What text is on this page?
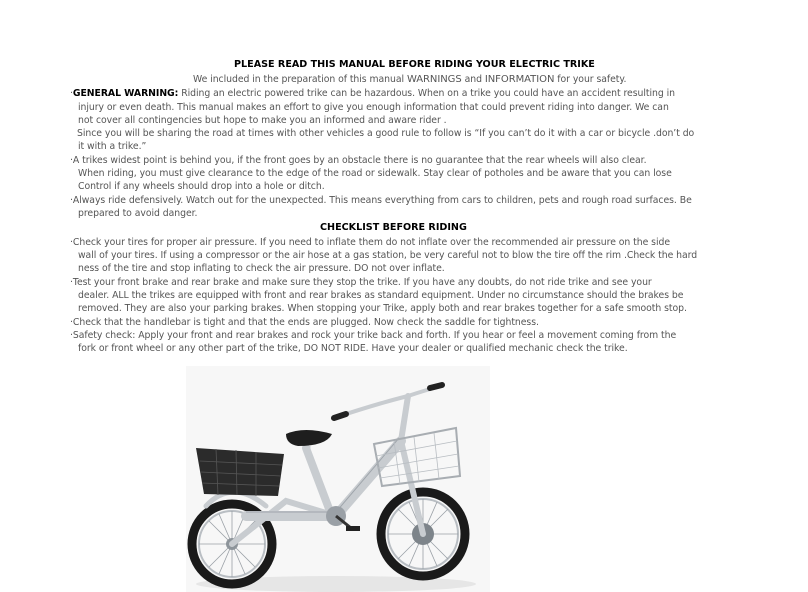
PLEASE READ THIS MANUAL BEFORE RIDING YOUR ELECTRIC TRIKE
We included in the preparation of this manual WARNINGS and INFORMATION for your safety.
·GENERAL WARNING: Riding an electric powered trike can be hazardous. When on a trike you could have an accident resulting in
injury or even death. This manual makes an effort to give you enough information that could prevent riding into danger. We can
not cover all contingencies but hope to make you an informed and aware rider .
Since you will be sharing the road at times with other vehicles a good rule to follow is “If you can’t do it with a car or bicycle .don’t do
it with a trike.”
·A trikes widest point is behind you, if the front goes by an obstacle there is no guarantee that the rear wheels will also clear.
When riding, you must give clearance to the edge of the road or sidewalk. Stay clear of potholes and be aware that you can lose
Control if any wheels should drop into a hole or ditch.
·Always ride defensively. Watch out for the unexpected. This means everything from cars to children, pets and rough road surfaces. Be
prepared to avoid danger.
CHECKLIST BEFORE RIDING
·Check your tires for proper air pressure. If you need to inflate them do not inflate over the recommended air pressure on the side
wall of your tires. If using a compressor or the air hose at a gas station, be very careful not to blow the tire off the rim .Check the hard
ness of the tire and stop inflating to check the air pressure. DO not over inflate.
·Test your front brake and rear brake and make sure they stop the trike. If you have any doubts, do not ride trike and see your
dealer. ALL the trikes are equipped with front and rear brakes as standard equipment. Under no circumstance should the brakes be
removed. They are also your parking brakes. When stopping your Trike, apply both and rear brakes together for a safe smooth stop.
·Check that the handlebar is tight and that the ends are plugged. Now check the saddle for tightness.
·Safety check: Apply your front and rear brakes and rock your trike back and forth. If you hear or feel a movement coming from the
fork or front wheel or any other part of the trike, DO NOT RIDE. Have your dealer or qualified mechanic check the trike.
